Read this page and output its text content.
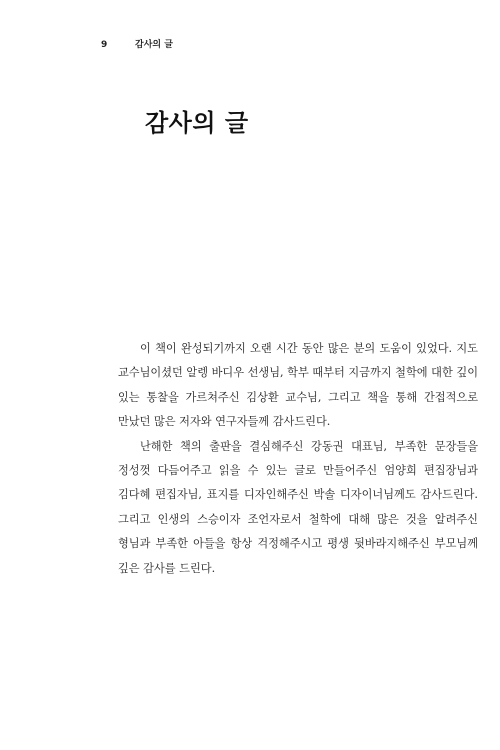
9	감사의 글
감사의 글

이 책이 완성되기까지 오랜 시간 동안 많은 분의 도움이 있었다. 지도 교수님이셨던 알렝 바디우 선생님, 학부 때부터 지금까지 철학에 대한 깊이 있는 통찰을 가르쳐주신 김상환 교수님, 그리고 책을 통해 간접적으로 만났던 많은 저자와 연구자들께 감사드린다.

난해한 책의 출판을 결심해주신 강동권 대표님, 부족한 문장들을 정성껏 다듬어주고 읽을 수 있는 글로 만들어주신 엄양희 편집장님과 김다혜 편집자님, 표지를 디자인해주신 박솔 디자이너님께도 감사드린다. 그리고 인생의 스승이자 조언자로서 철학에 대해 많은 것을 알려주신 형님과 부족한 아들을 항상 걱정해주시고 평생 뒷바라지해주신 부모님께 깊은 감사를 드린다.
